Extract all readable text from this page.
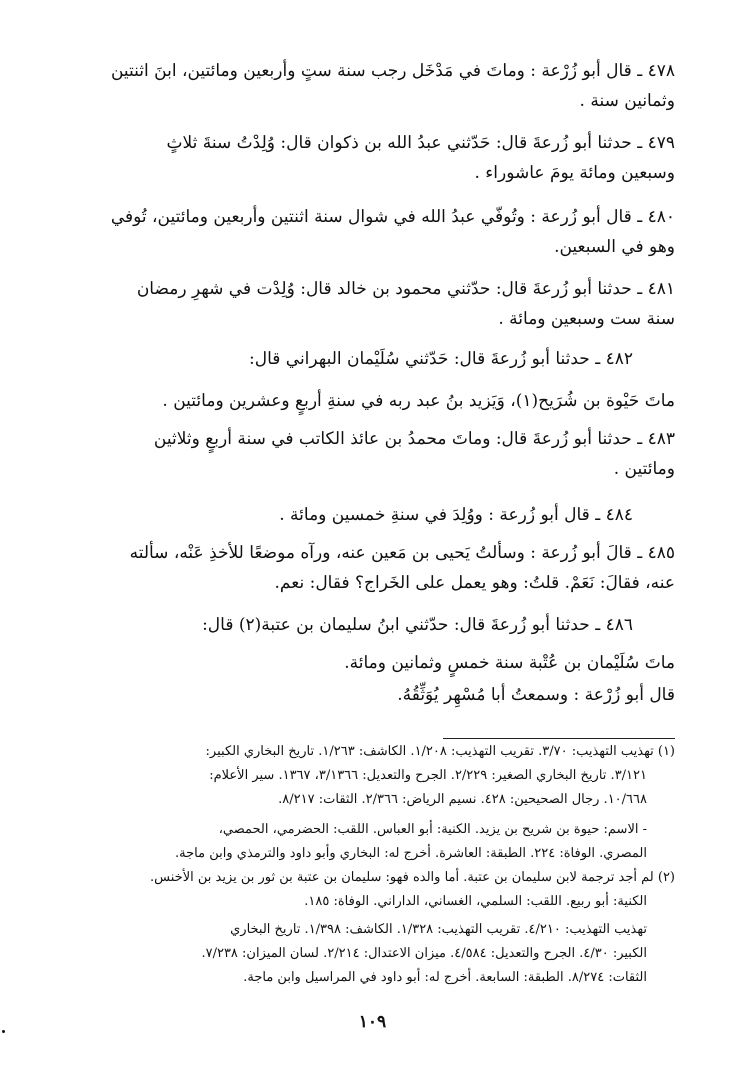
٤٧٨ ـ قال أبو زُرْعة : وماتَ في مَدْخَل رجب سنة ستٍ وأربعين ومائتين، ابنَ اثنتين
وثمانين سنة .
٤٧٩ ـ حدثنا أبو زُرعةَ قال: حَدّثني عبدُ الله بن ذكوان قال: وُلِدْتُ سنةَ ثلاثٍ
وسبعين ومائة يومَ عاشوراء .
٤٨٠ ـ قال أبو زُرعة : وتُوفّي عبدُ الله في شوال سنة اثنتين وأربعين ومائتين، تُوفي
وهو في السبعين.
٤٨١ ـ حدثنا أبو زُرعةَ قال: حدّثني محمود بن خالد قال: وُلِدْت في شهرِ رمضان
سنة ست وسبعين ومائة .
٤٨٢ ـ حدثنا أبو زُرعةَ قال: حَدّثني سُلَيْمان البهراني قال:
ماتَ حَيْوة بن شُرَيح(١)، وَيَزيد بنُ عبد ربه في سنةِ أربعٍ وعشرين ومائتين .
٤٨٣ ـ حدثنا أبو زُرعةَ قال: وماتَ محمدُ بن عائذ الكاتب في سنة أربعٍ وثلاثين
ومائتين .
٤٨٤ ـ قال أبو زُرعة : ووُلِدَ في سنةِ خمسين ومائة .
٤٨٥ ـ قالَ أبو زُرعة : وسألتُ يَحيى بن مَعين عنه، ورآه موضعًا للأخذِ عَنْه، سألته
عنه، فقالَ: نَعَمْ. قلتُ: وهو يعمل على الخَراج؟ فقال: نعم.
٤٨٦ ـ حدثنا أبو زُرعةَ قال: حدّثني ابنُ سليمان بن عتبة(٢) قال:
ماتَ سُلَيْمان بن عُتْبة سنة خمسٍ وثمانين ومائة.
قال أبو زُرْعة : وسمعتُ أبا مُسْهِر يُوَثِّقُهُ.
(١) تهذيب التهذيب: ٣/٧٠. تقريب التهذيب: ١/٢٠٨. الكاشف: ١/٢٦٣. تاريخ البخاري الكبير:
٣/١٢١. تاريخ البخاري الصغير: ٢/٢٢٩. الجرح والتعديل: ٣/١٣٦٦، ١٣٦٧. سير الأعلام:
١٠/٦٦٨. رجال الصحيحين: ٤٢٨. نسيم الرياض: ٢/٣٦٦. الثقات: ٨/٢١٧.
- الاسم: حيوة بن شريح بن يزيد. الكنية: أبو العباس. اللقب: الحضرمي، الحمصي،
المصري. الوفاة: ٢٢٤. الطبقة: العاشرة. أخرج له: البخاري وأبو داود والترمذي وابن ماجة.
(٢) لم أجد ترجمة لابن سليمان بن عتبة. أما والده فهو: سليمان بن عتبة بن ثور بن يزيد بن الأخنس.
الكنية: أبو ربيع. اللقب: السلمي، الغساني، الداراني. الوفاة: ١٨٥.
تهذيب التهذيب: ٤/٢١٠. تقريب التهذيب: ١/٣٢٨. الكاشف: ١/٣٩٨. تاريخ البخاري
الكبير: ٤/٣٠. الجرح والتعديل: ٤/٥٨٤. ميزان الاعتدال: ٢/٢١٤. لسان الميزان: ٧/٢٣٨.
الثقات: ٨/٢٧٤. الطبقة: السابعة. أخرج له: أبو داود في المراسيل وابن ماجة.
١٠٩
